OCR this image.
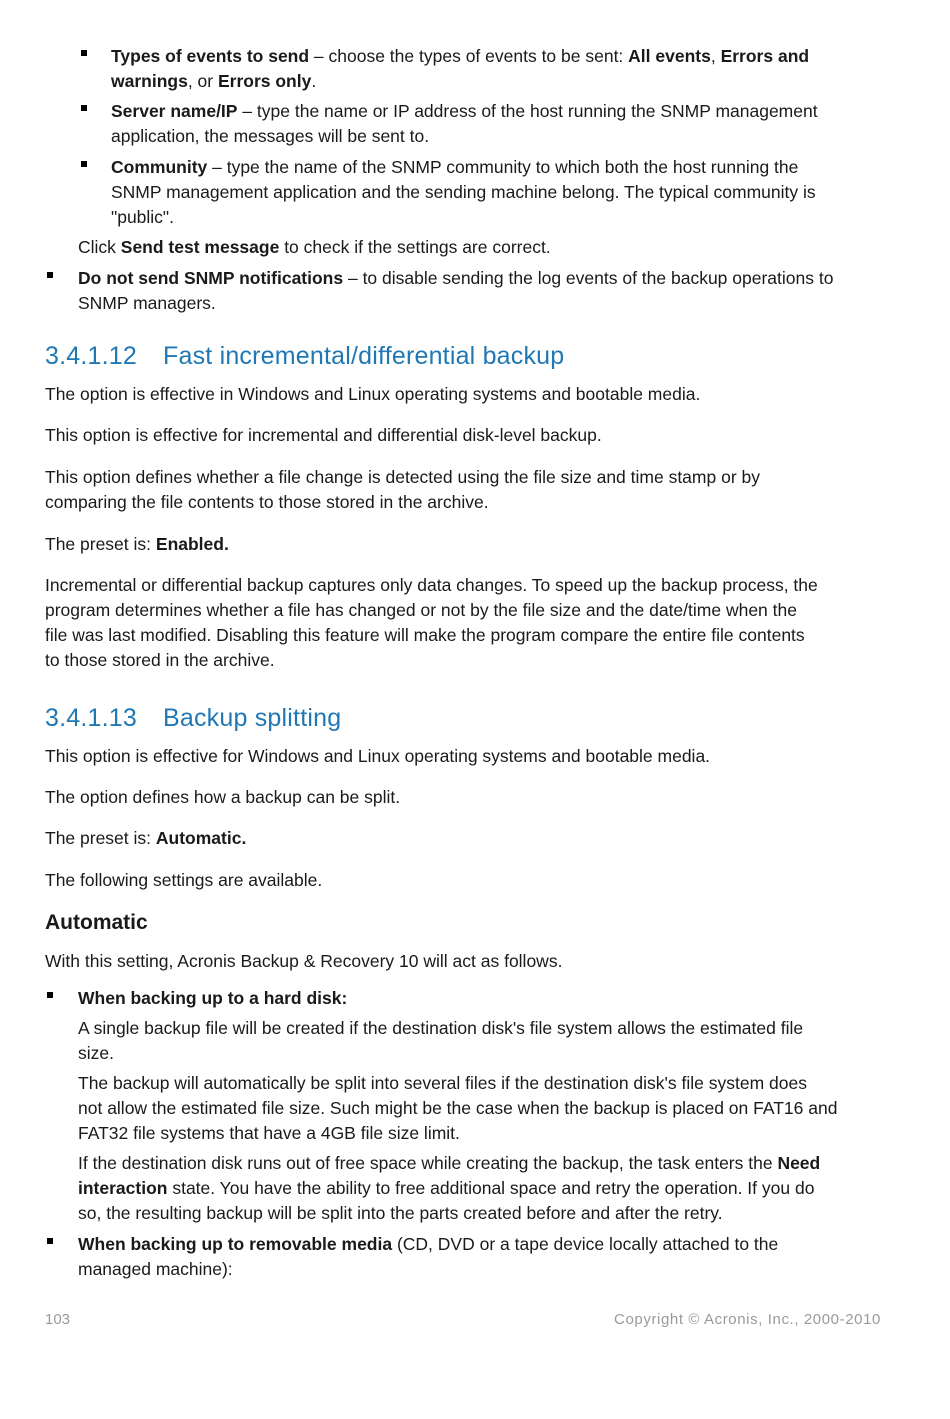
Types of events to send – choose the types of events to be sent: All events, Errors and
warnings, or Errors only.

Server name/IP – type the name or IP address of the host running the SNMP management
application, the messages will be sent to.

Community – type the name of the SNMP community to which both the host running the
SNMP management application and the sending machine belong. The typical community is
"public".

Click Send test message to check if the settings are correct.

Do not send SNMP notifications – to disable sending the log events of the backup operations to
SNMP managers.

3.4.1.12 Fast incremental/differential backup

The option is effective in Windows and Linux operating systems and bootable media.

This option is effective for incremental and differential disk-level backup.

This option defines whether a file change is detected using the file size and time stamp or by
comparing the file contents to those stored in the archive.

The preset is: Enabled.

Incremental or differential backup captures only data changes. To speed up the backup process, the
program determines whether a file has changed or not by the file size and the date/time when the
file was last modified. Disabling this feature will make the program compare the entire file contents
to those stored in the archive.

3.4.1.13 Backup splitting

This option is effective for Windows and Linux operating systems and bootable media.

The option defines how a backup can be split.

The preset is: Automatic.

The following settings are available.

Automatic

With this setting, Acronis Backup & Recovery 10 will act as follows.

When backing up to a hard disk:

A single backup file will be created if the destination disk's file system allows the estimated file
size.

The backup will automatically be split into several files if the destination disk's file system does
not allow the estimated file size. Such might be the case when the backup is placed on FAT16 and
FAT32 file systems that have a 4GB file size limit.

If the destination disk runs out of free space while creating the backup, the task enters the Need
interaction state. You have the ability to free additional space and retry the operation. If you do
so, the resulting backup will be split into the parts created before and after the retry.

When backing up to removable media (CD, DVD or a tape device locally attached to the
managed machine):

103	Copyright © Acronis, Inc., 2000-2010
